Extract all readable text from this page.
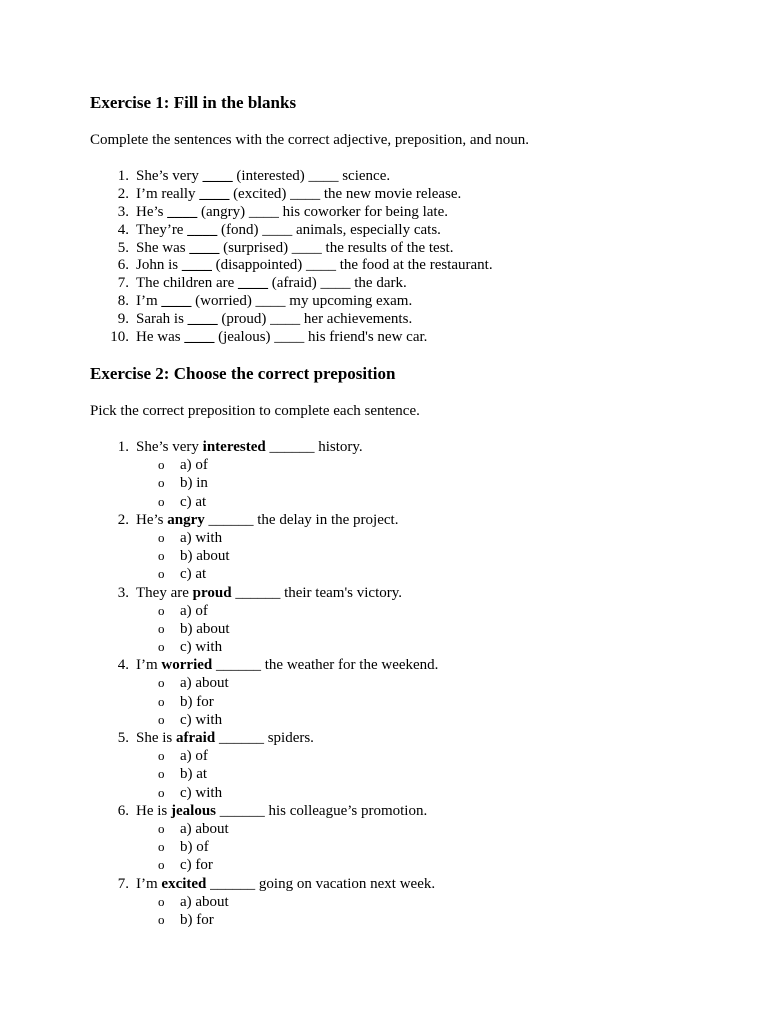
Exercise 1: Fill in the blanks

Complete the sentences with the correct adjective, preposition, and noun.

1. She’s very ____ (interested) ____ science.
2. I’m really ____ (excited) ____ the new movie release.
3. He’s ____ (angry) ____ his coworker for being late.
4. They’re ____ (fond) ____ animals, especially cats.
5. She was ____ (surprised) ____ the results of the test.
6. John is ____ (disappointed) ____ the food at the restaurant.
7. The children are ____ (afraid) ____ the dark.
8. I’m ____ (worried) ____ my upcoming exam.
9. Sarah is ____ (proud) ____ her achievements.
10. He was ____ (jealous) ____ his friend's new car.
Exercise 2: Choose the correct preposition

Pick the correct preposition to complete each sentence.

1. She’s very interested ______ history.
o a) of
o b) in
o c) at
2. He’s angry ______ the delay in the project.
o a) with
o b) about
o c) at
3. They are proud ______ their team's victory.
o a) of
o b) about
o c) with
4. I’m worried ______ the weather for the weekend.
o a) about
o b) for
o c) with
5. She is afraid ______ spiders.
o a) of
o b) at
o c) with
6. He is jealous ______ his colleague’s promotion.
o a) about
o b) of
o c) for
7. I’m excited ______ going on vacation next week.
o a) about
o b) for
